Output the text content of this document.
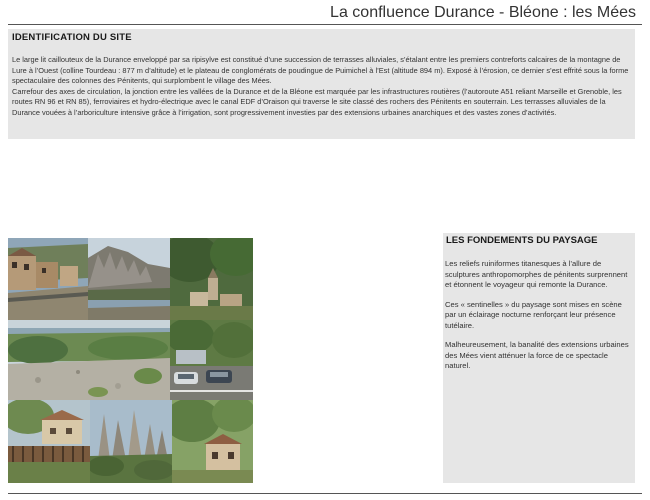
La confluence Durance - Bléone : les Mées
IDENTIFICATION DU SITE

Le large lit caillouteux de la Durance enveloppé par sa ripisylve est constitué d’une succession de terrasses alluviales, s’étalant entre les premiers contreforts calcaires de la montagne de Lure à l’Ouest (colline Tourdeau : 877 m d’altitude) et le plateau de conglomérats de poudingue de Puimichel à l’Est (altitude 894 m). Exposé à l’érosion, ce dernier s’est effrité sous la forme spectaculaire des colonnes des Pénitents, qui surplombent le village des Mées.

Carrefour des axes de circulation, la jonction entre les vallées de la Durance et de la Bléone est marquée par les infrastructures routières (l’autoroute A51 reliant Marseille et Grenoble, les routes RN 96 et RN 85), ferroviaires et hydro-électrique avec le canal EDF d’Oraison qui traverse le site classé des rochers des Pénitents en souterrain. Les terrasses alluviales de la Durance vouées à l’arboriculture intensive grâce à l’irrigation, sont progressivement investies par des extensions urbaines anarchiques et des vastes zones d’activités.

LES FONDEMENTS DU PAYSAGE

Les reliefs ruiniformes titanesques à l’allure de sculptures anthropomorphes de pénitents surprennent et étonnent le voyageur qui remonte la Durance.

Ces « sentinelles » du paysage sont mises en scène par un éclairage nocturne renforçant leur présence tutélaire.

Malheureusement, la banalité des extensions urbaines des Mées vient atténuer la force de ce spectacle naturel.
